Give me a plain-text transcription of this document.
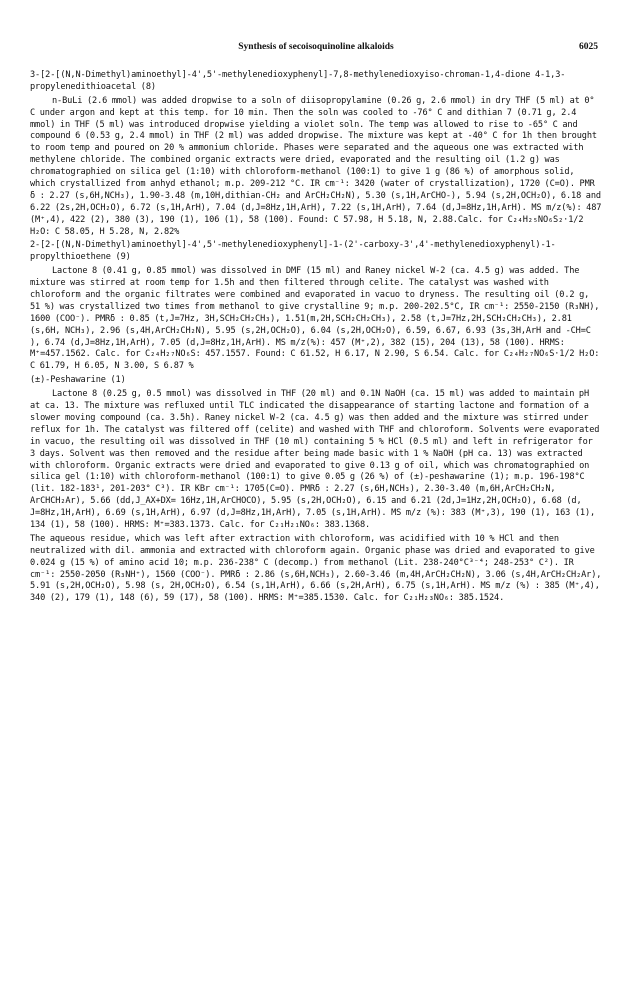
Synthesis of secoisoquinoline alkaloids	6025

3-[2-[(N,N-Dimethyl)aminoethyl]-4',5'-methylenedioxyphenyl]-7,8-methylenedioxyiso-chroman-1,4-dione 4-1,3-propylenedithioacetal (8)

n-BuLi (2.6 mmol) was added dropwise to a soln of diisopropylamine (0.26 g, 2.6 mmol) in dry THF (5 ml) at 0° C under argon and kept at this temp. for 10 min. Then the soln was cooled to -76° C and dithian 7 (0.71 g, 2.4 mmol) in THF (5 ml) was introduced dropwise yielding a violet soln. The temp was allowed to rise to -65° C and compound 6 (0.53 g, 2.4 mmol) in THF (2 ml) was added dropwise. The mixture was kept at -40° C for 1h then brought to room temp and poured on 20 % ammonium chloride. Phases were separated and the aqueous one was extracted with methylene chloride. The combined organic extracts were dried, evaporated and the resulting oil (1.2 g) was chromatographied on silica gel (1:10) with chloroform-methanol (100:1) to give 1 g (86 %) of amorphous solid, which crystallized from anhyd ethanol; m.p. 209-212 °C. IR cm⁻¹: 3420 (water of crystallization), 1720 (C=O). PMR δ : 2.27 (s,6H,NCH₃), 1.90-3.48 (m,10H,dithian-CH₂ and ArCH₂CH₂N), 5.30 (s,1H,ArCHO-), 5.94 (s,2H,OCH₂O), 6.18 and 6.22 (2s,2H,OCH₂O), 6.72 (s,1H,ArH), 7.04 (d,J=8Hz,1H,ArH), 7.22 (s,1H,ArH), 7.64 (d,J=8Hz,1H,ArH). MS m/z(%): 487 (M⁺,4), 422 (2), 380 (3), 190 (1), 106 (1), 58 (100). Found: C 57.98, H 5.18, N, 2.88.Calc. for C₂₄H₂₅NO₆S₂·1/2 H₂O: C 58.05, H 5.28, N, 2.82%

2-[2-[(N,N-Dimethyl)aminoethyl]-4',5'-methylenedioxyphenyl]-1-(2'-carboxy-3',4'-methylenedioxyphenyl)-1-propylthioethene (9)

Lactone 8 (0.41 g, 0.85 mmol) was dissolved in DMF (15 ml) and Raney nickel W-2 (ca. 4.5 g) was added. The mixture was stirred at room temp for 1.5h and then filtered through celite. The catalyst was washed with chloroform and the organic filtrates were combined and evaporated in vacuo to dryness. The resulting oil (0.2 g, 51 %) was crystallized two times from methanol to give crystalline 9; m.p. 200-202.5°C, IR cm⁻¹: 2550-2150 (R₃NH), 1600 (COO⁻). PMRδ : 0.85 (t,J=7Hz, 3H,SCH₂CH₂CH₃), 1.51(m,2H,SCH₂CH₂CH₃), 2.58 (t,J=7Hz,2H,SCH₂CH₂CH₃), 2.81 (s,6H, NCH₃), 2.96 (s,4H,ArCH₂CH₂N), 5.95 (s,2H,OCH₂O), 6.04 (s,2H,OCH₂O), 6.59, 6.67, 6.93 (3s,3H,ArH and -CH=C ), 6.74 (d,J=8Hz,1H,ArH), 7.05 (d,J=8Hz,1H,ArH). MS m/z(%): 457 (M⁺,2), 382 (15), 204 (13), 58 (100). HRMS: M⁺=457.1562. Calc. for C₂₄H₂₇NO₆S: 457.1557. Found: C 61.52, H 6.17, N 2.90, S 6.54. Calc. for C₂₄H₂₇NO₆S·1/2 H₂O: C 61.79, H 6.05, N 3.00, S 6.87 %

(±)-Peshawarine (1)

Lactone 8 (0.25 g, 0.5 mmol) was dissolved in THF (20 ml) and 0.1N NaOH (ca. 15 ml) was added to maintain pH at ca. 13. The mixture was refluxed until TLC indicated the disappearance of starting lactone and formation of a slower moving compound (ca. 3.5h). Raney nickel W-2 (ca. 4.5 g) was then added and the mixture was stirred under reflux for 1h. The catalyst was filtered off (celite) and washed with THF and chloroform. Solvents were evaporated in vacuo, the resulting oil was dissolved in THF (10 ml) containing 5 % HCl (0.5 ml) and left in refrigerator for 3 days. Solvent was then removed and the residue after being made basic with 1 % NaOH (pH ca. 13) was extracted with chloroform. Organic extracts were dried and evaporated to give 0.13 g of oil, which was chromatographied on silica gel (1:10) with chloroform-methanol (100:1) to give 0.05 g (26 %) of (±)-peshawarine (1); m.p. 196-198°C (lit. 182-183¹, 201-203° C³). IR KBr cm⁻¹: 1705(C=O). PMRδ : 2.27 (s,6H,NCH₃), 2.30-3.40 (m,6H,ArCH₂CH₂N, ArCHCH₂Ar), 5.66 (dd,J_AX+DX= 16Hz,1H,ArCHOCO), 5.95 (s,2H,OCH₂O), 6.15 and 6.21 (2d,J=1Hz,2H,OCH₂O), 6.68 (d, J=8Hz,1H,ArH), 6.69 (s,1H,ArH), 6.97 (d,J=8Hz,1H,ArH), 7.05 (s,1H,ArH). MS m/z (%): 383 (M⁺,3), 190 (1), 163 (1), 134 (1), 58 (100). HRMS: M⁺=383.1373. Calc. for C₂₁H₂₁NO₆: 383.1368.

The aqueous residue, which was left after extraction with chloroform, was acidified with 10 % HCl and then neutralized with dil. ammonia and extracted with chloroform again. Organic phase was dried and evaporated to give 0.024 g (15 %) of amino acid 10; m.p. 236-238° C (decomp.) from methanol (Lit. 238-240°C³⁻⁴; 248-253° C²). IR cm⁻¹: 2550-2050 (R₃NH⁺), 1560 (COO⁻). PMRδ : 2.86 (s,6H,NCH₃), 2.60-3.46 (m,4H,ArCH₂CH₂N), 3.06 (s,4H,ArCH₂CH₂Ar), 5.91 (s,2H,OCH₂O), 5.98 (s, 2H,OCH₂O), 6.54 (s,1H,ArH), 6.66 (s,2H,ArH), 6.75 (s,1H,ArH). MS m/z (%) : 385 (M⁺,4), 340 (2), 179 (1), 148 (6), 59 (17), 58 (100). HRMS: M⁺=385.1530. Calc. for C₂₁H₂₃NO₆: 385.1524.
